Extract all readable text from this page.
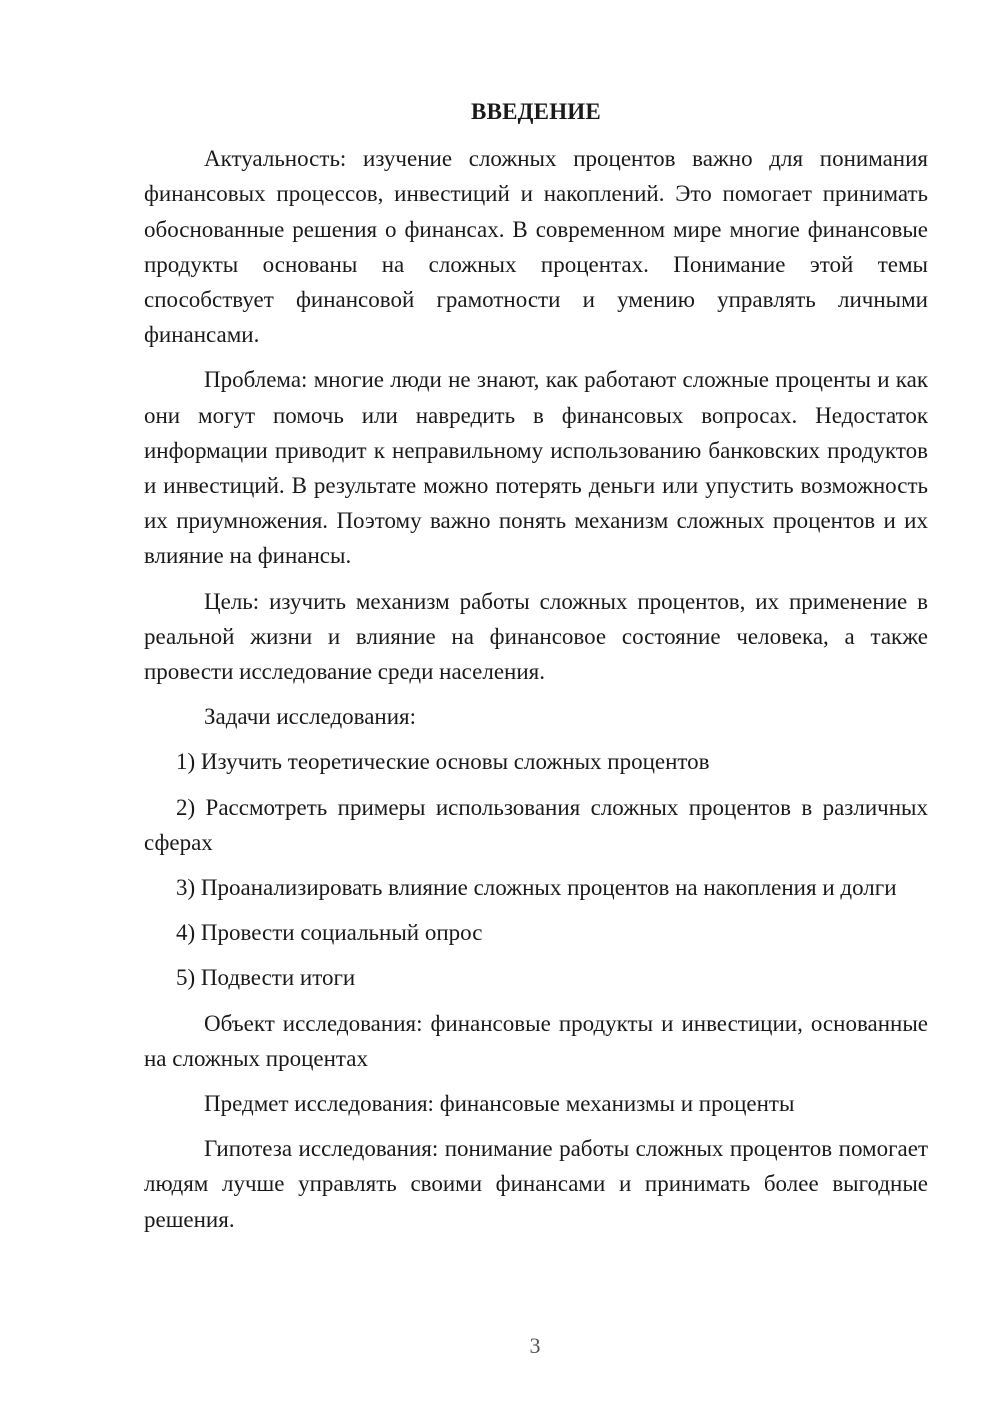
ВВЕДЕНИЕ

Актуальность: изучение сложных процентов важно для понимания финансовых процессов, инвестиций и накоплений. Это помогает принимать обоснованные решения о финансах. В современном мире многие финансовые продукты основаны на сложных процентах. Понимание этой темы способствует финансовой грамотности и умению управлять личными финансами.

Проблема: многие люди не знают, как работают сложные проценты и как они могут помочь или навредить в финансовых вопросах. Недостаток информации приводит к неправильному использованию банковских продуктов и инвестиций. В результате можно потерять деньги или упустить возможность их приумножения. Поэтому важно понять механизм сложных процентов и их влияние на финансы.

Цель: изучить механизм работы сложных процентов, их применение в реальной жизни и влияние на финансовое состояние человека, а также провести исследование среди населения.

Задачи исследования:

1) Изучить теоретические основы сложных процентов

2) Рассмотреть примеры использования сложных процентов в различных сферах

3) Проанализировать влияние сложных процентов на накопления и долги

4) Провести социальный опрос

5) Подвести итоги

Объект исследования: финансовые продукты и инвестиции, основанные на сложных процентах

Предмет исследования: финансовые механизмы и проценты

Гипотеза исследования: понимание работы сложных процентов помогает людям лучше управлять своими финансами и принимать более выгодные решения.

3
